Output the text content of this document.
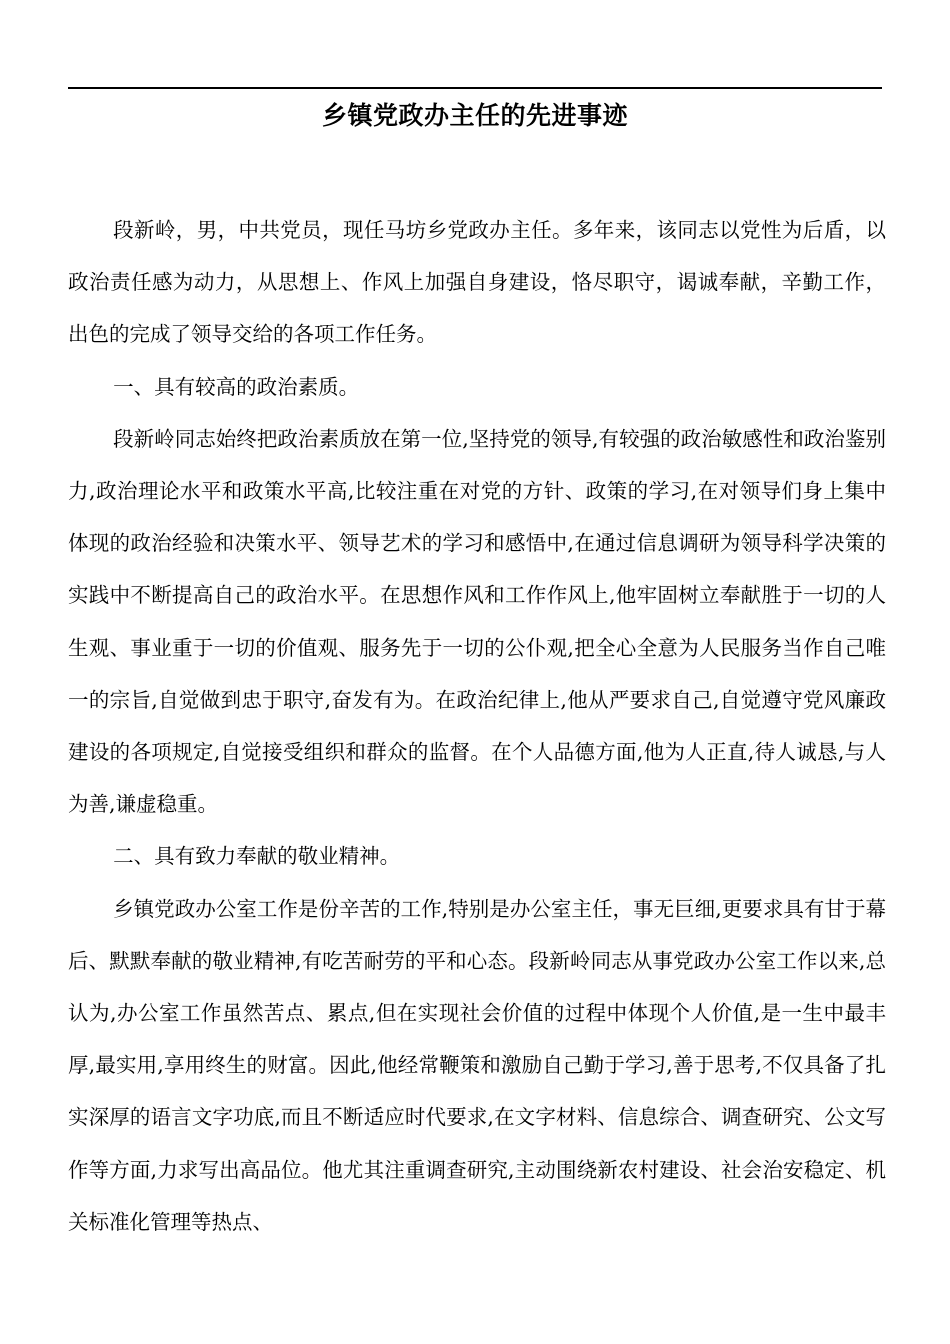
乡镇党政办主任的先进事迹

段新岭，男，中共党员，现任马坊乡党政办主任。多年来，该同志以党性为后盾，以政治责任感为动力，从思想上、作风上加强自身建设，恪尽职守，谒诚奉献，辛勤工作，出色的完成了领导交给的各项工作任务。

一、具有较高的政治素质。

段新岭同志始终把政治素质放在第一位,坚持党的领导,有较强的政治敏感性和政治鉴别力,政治理论水平和政策水平高,比较注重在对党的方针、政策的学习,在对领导们身上集中体现的政治经验和决策水平、领导艺术的学习和感悟中,在通过信息调研为领导科学决策的实践中不断提高自己的政治水平。在思想作风和工作作风上,他牢固树立奉献胜于一切的人生观、事业重于一切的价值观、服务先于一切的公仆观,把全心全意为人民服务当作自己唯一的宗旨,自觉做到忠于职守,奋发有为。在政治纪律上,他从严要求自己,自觉遵守党风廉政建设的各项规定,自觉接受组织和群众的监督。在个人品德方面,他为人正直,待人诚恳,与人为善,谦虚稳重。

二、具有致力奉献的敬业精神。

乡镇党政办公室工作是份辛苦的工作,特别是办公室主任，事无巨细,更要求具有甘于幕后、默默奉献的敬业精神,有吃苦耐劳的平和心态。段新岭同志从事党政办公室工作以来,总认为,办公室工作虽然苦点、累点,但在实现社会价值的过程中体现个人价值,是一生中最丰厚,最实用,享用终生的财富。因此,他经常鞭策和激励自己勤于学习,善于思考,不仅具备了扎实深厚的语言文字功底,而且不断适应时代要求,在文字材料、信息综合、调查研究、公文写作等方面,力求写出高品位。他尤其注重调查研究,主动围绕新农村建设、社会治安稳定、机关标准化管理等热点、
